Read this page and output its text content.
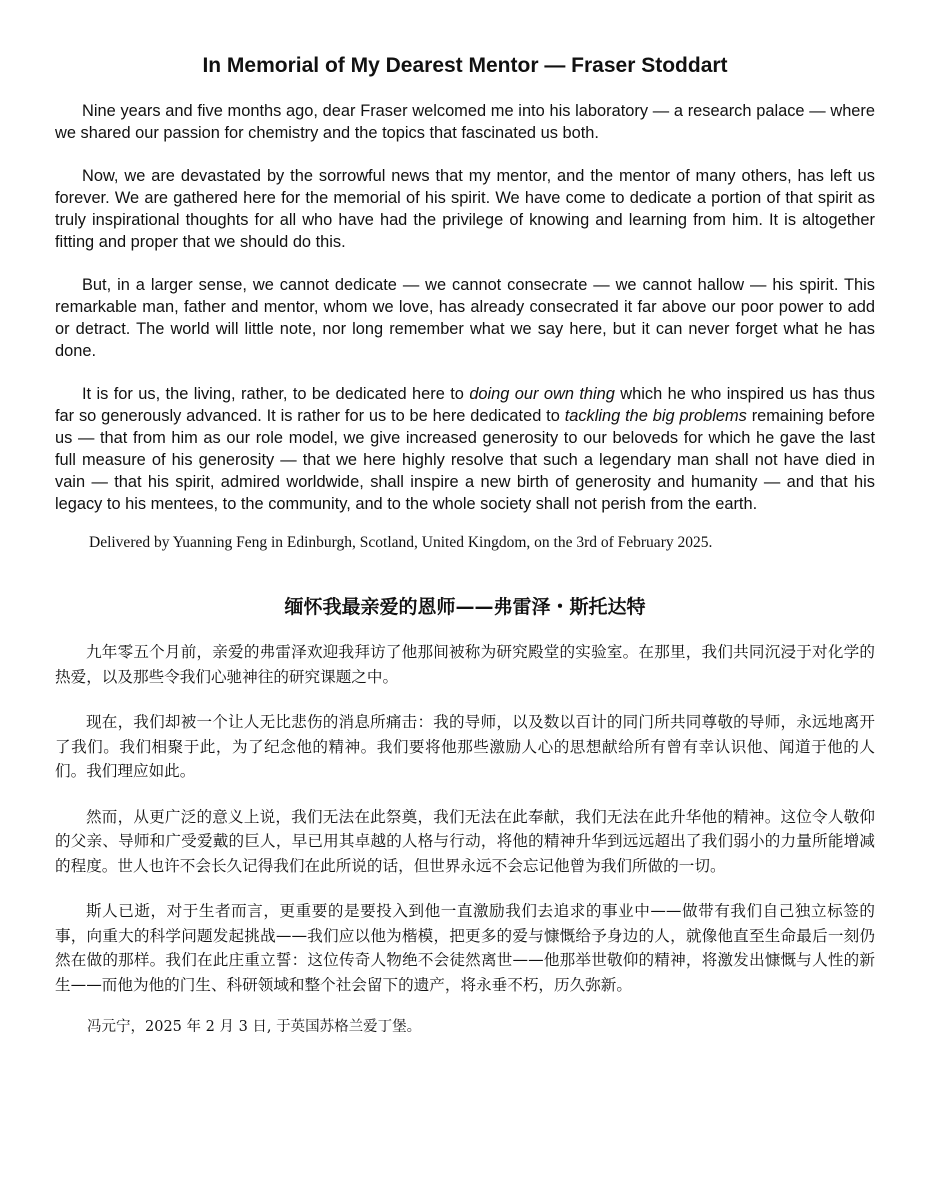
In Memorial of My Dearest Mentor — Fraser Stoddart

Nine years and five months ago, dear Fraser welcomed me into his laboratory — a research palace — where we shared our passion for chemistry and the topics that fascinated us both.

Now, we are devastated by the sorrowful news that my mentor, and the mentor of many others, has left us forever. We are gathered here for the memorial of his spirit. We have come to dedicate a portion of that spirit as truly inspirational thoughts for all who have had the privilege of knowing and learning from him. It is altogether fitting and proper that we should do this.

But, in a larger sense, we cannot dedicate — we cannot consecrate — we cannot hallow — his spirit. This remarkable man, father and mentor, whom we love, has already consecrated it far above our poor power to add or detract. The world will little note, nor long remember what we say here, but it can never forget what he has done.

It is for us, the living, rather, to be dedicated here to doing our own thing which he who inspired us has thus far so generously advanced. It is rather for us to be here dedicated to tackling the big problems remaining before us — that from him as our role model, we give increased generosity to our beloveds for which he gave the last full measure of his generosity — that we here highly resolve that such a legendary man shall not have died in vain — that his spirit, admired worldwide, shall inspire a new birth of generosity and humanity — and that his legacy to his mentees, to the community, and to the whole society shall not perish from the earth.

Delivered by Yuanning Feng in Edinburgh, Scotland, United Kingdom, on the 3rd of February 2025.

缅怀我最亲爱的恩师——弗雷泽・斯托达特

九年零五个月前，亲爱的弗雷泽欢迎我拜访了他那间被称为研究殿堂的实验室。在那里，我们共同沉浸于对化学的热爱，以及那些令我们心驰神往的研究课题之中。

现在，我们却被一个让人无比悲伤的消息所痛击：我的导师，以及数以百计的同门所共同尊敬的导师，永远地离开了我们。我们相聚于此，为了纪念他的精神。我们要将他那些激励人心的思想献给所有曾有幸认识他、闻道于他的人们。我们理应如此。

然而，从更广泛的意义上说，我们无法在此祭奠，我们无法在此奉献，我们无法在此升华他的精神。这位令人敬仰的父亲、导师和广受爱戴的巨人，早已用其卓越的人格与行动，将他的精神升华到远远超出了我们弱小的力量所能增减的程度。世人也许不会长久记得我们在此所说的话，但世界永远不会忘记他曾为我们所做的一切。

斯人已逝，对于生者而言，更重要的是要投入到他一直激励我们去追求的事业中——做带有我们自己独立标签的事，向重大的科学问题发起挑战——我们应以他为楷模，把更多的爱与慷慨给予身边的人，就像他直至生命最后一刻仍然在做的那样。我们在此庄重立誓：这位传奇人物绝不会徒然离世——他那举世敬仰的精神，将激发出慷慨与人性的新生——而他为他的门生、科研领域和整个社会留下的遗产，将永垂不朽，历久弥新。

冯元宁，2025 年 2 月 3 日, 于英国苏格兰爱丁堡。
